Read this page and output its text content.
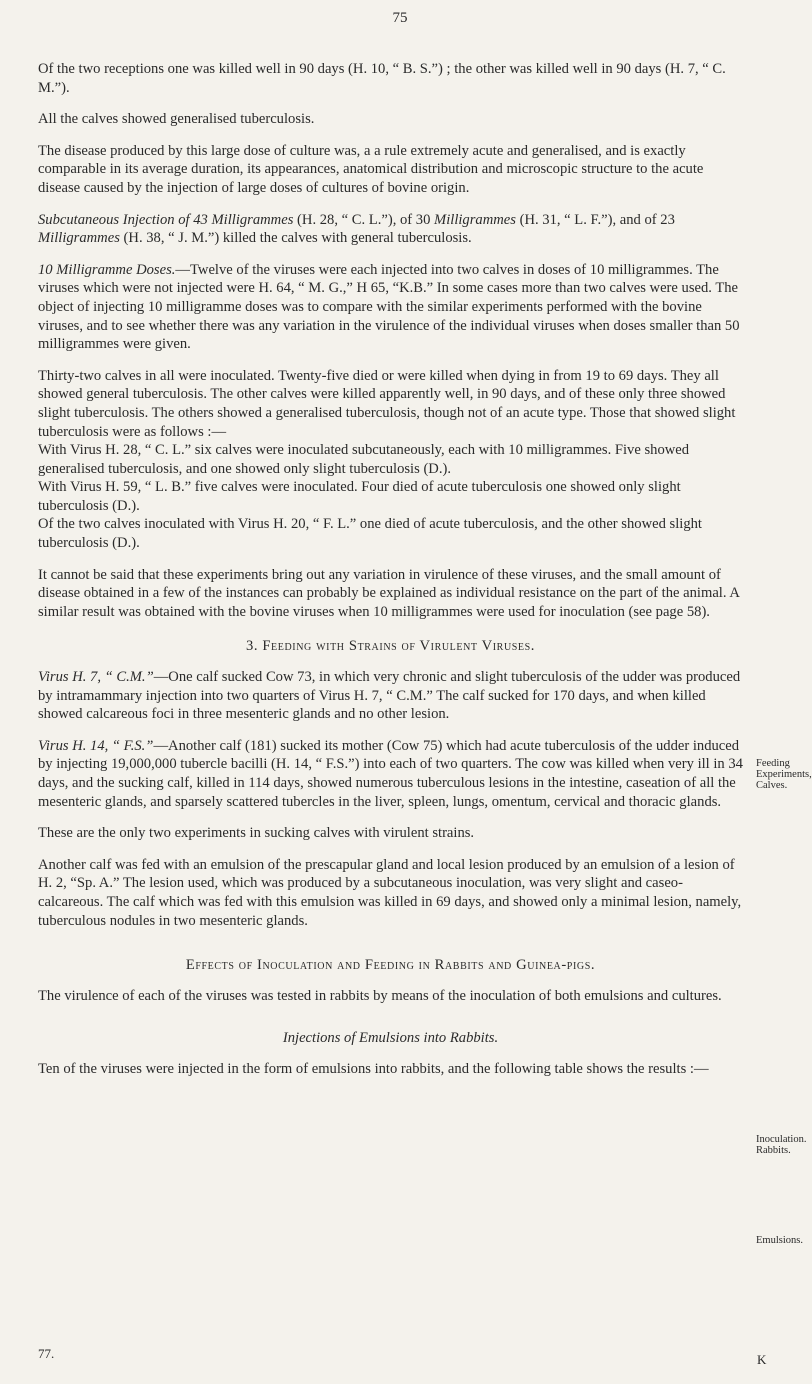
75

Of the two receptions one was killed well in 90 days (H. 10, “ B. S.”) ; the other was killed well in 90 days (H. 7, “ C. M.”).

All the calves showed generalised tuberculosis.

The disease produced by this large dose of culture was, a a rule extremely acute and generalised, and is exactly comparable in its average duration, its appearances, anatomical distribution and microscopic structure to the acute disease caused by the injection of large doses of cultures of bovine origin.

Subcutaneous Injection of 43 Milligrammes (H. 28, “ C. L.”), of 30 Milligrammes (H. 31, “ L. F.”), and of 23 Milligrammes (H. 38, “ J. M.”) killed the calves with general tuberculosis.

10 Milligramme Doses.—Twelve of the viruses were each injected into two calves in doses of 10 milligrammes. The viruses which were not injected were H. 64, “ M. G.,” H 65, “K.B.” In some cases more than two calves were used. The object of injecting 10 milligramme doses was to compare with the similar experiments performed with the bovine viruses, and to see whether there was any variation in the virulence of the individual viruses when doses smaller than 50 milligrammes were given.

Thirty-two calves in all were inoculated. Twenty-five died or were killed when dying in from 19 to 69 days. They all showed general tuberculosis. The other calves were killed apparently well, in 90 days, and of these only three showed slight tuberculosis. The others showed a generalised tuberculosis, though not of an acute type. Those that showed slight tuberculosis were as follows :—

With Virus H. 28, “ C. L.” six calves were inoculated subcutaneously, each with 10 milligrammes. Five showed generalised tuberculosis, and one showed only slight tuberculosis (D.).

With Virus H. 59, “ L. B.” five calves were inoculated. Four died of acute tuberculosis one showed only slight tuberculosis (D.).

Of the two calves inoculated with Virus H. 20, “ F. L.” one died of acute tuberculosis, and the other showed slight tuberculosis (D.).

It cannot be said that these experiments bring out any variation in virulence of these viruses, and the small amount of disease obtained in a few of the instances can probably be explained as individual resistance on the part of the animal. A similar result was obtained with the bovine viruses when 10 milligrammes were used for inoculation (see page 58).

3. Feeding with Strains of Virulent Viruses.

Virus H. 7, “ C.M.”—One calf sucked Cow 73, in which very chronic and slight tuberculosis of the udder was produced by intramammary injection into two quarters of Virus H. 7, “ C.M.” The calf sucked for 170 days, and when killed showed calcareous foci in three mesenteric glands and no other lesion.

Virus H. 14, “ F.S.”—Another calf (181) sucked its mother (Cow 75) which had acute tuberculosis of the udder induced by injecting 19,000,000 tubercle bacilli (H. 14, “ F.S.”) into each of two quarters. The cow was killed when very ill in 34 days, and the sucking calf, killed in 114 days, showed numerous tuberculous lesions in the intestine, caseation of all the mesenteric glands, and sparsely scattered tubercles in the liver, spleen, lungs, omentum, cervical and thoracic glands.

These are the only two experiments in sucking calves with virulent strains.

Another calf was fed with an emulsion of the prescapular gland and local lesion produced by an emulsion of a lesion of H. 2, “Sp. A.” The lesion used, which was produced by a subcutaneous inoculation, was very slight and caseo-calcareous. The calf which was fed with this emulsion was killed in 69 days, and showed only a minimal lesion, namely, tuberculous nodules in two mesenteric glands.

Effects of Inoculation and Feeding in Rabbits and Guinea-pigs.

The virulence of each of the viruses was tested in rabbits by means of the inoculation of both emulsions and cultures.

Injections of Emulsions into Rabbits.

Ten of the viruses were injected in the form of emulsions into rabbits, and the following table shows the results :—

Feeding Experiments, Calves.
Inoculation. Rabbits.
Emulsions.
77.	K
